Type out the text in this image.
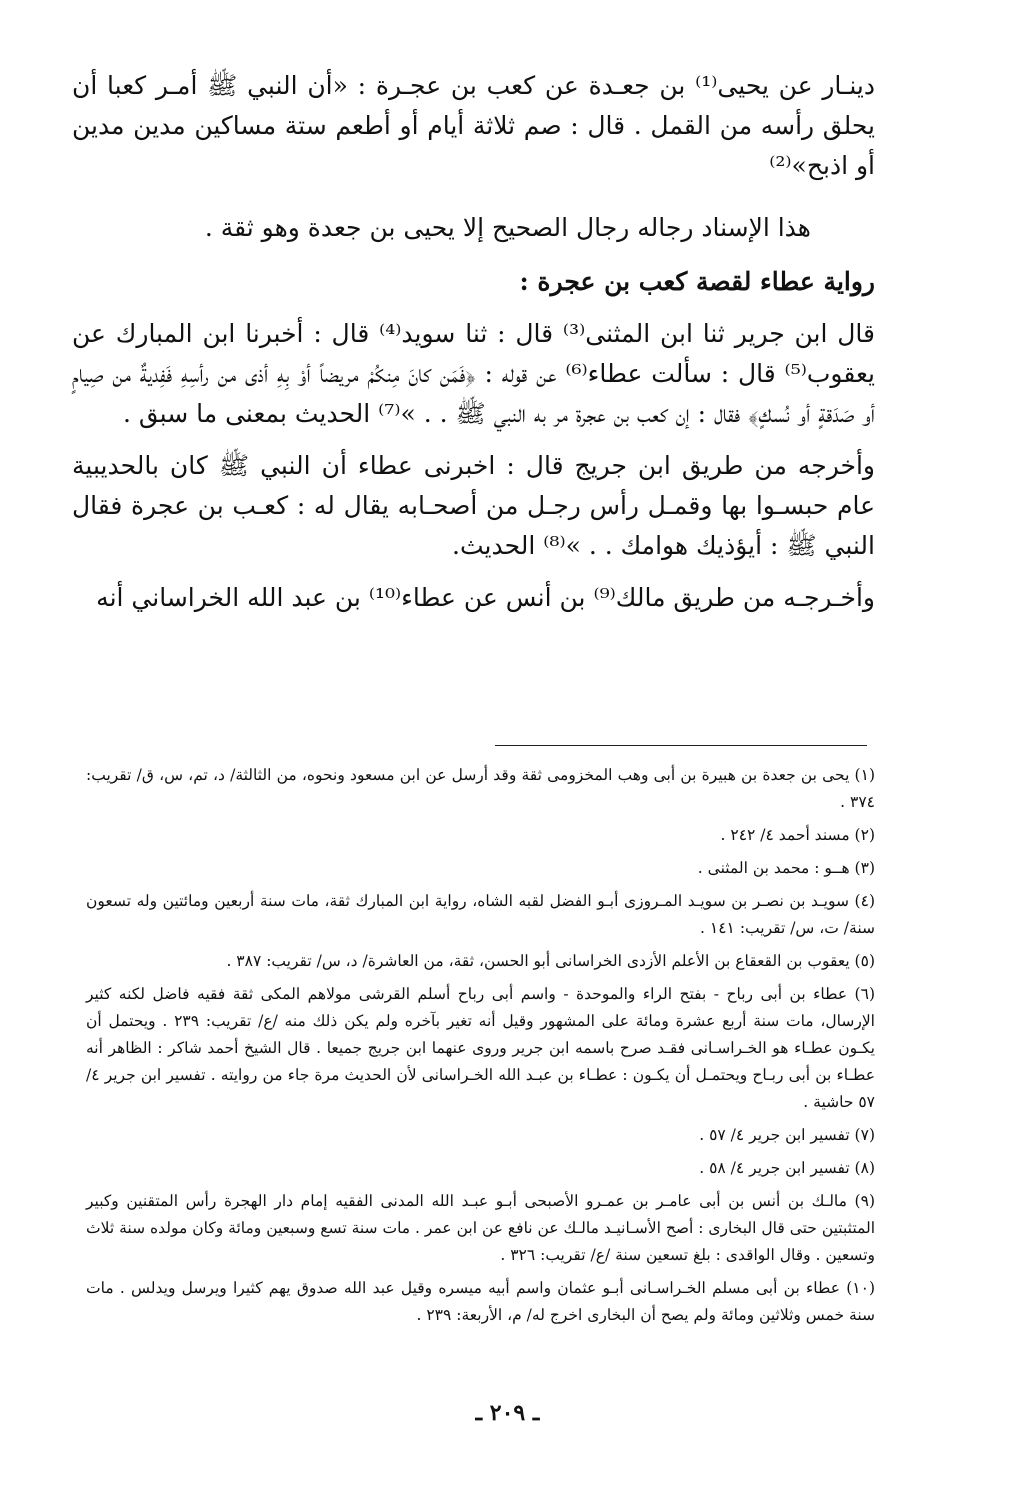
دينـار عن يحيى⁽¹⁾ بن جعـدة عن كعب بن عجـرة : «أن النبي ﷺ أمـر كعبا أن يحلق رأسه من القمل . قال : صم ثلاثة أيام أو أطعم ستة مساكين مدين مدين أو اذبح»⁽²⁾

هذا الإسناد رجاله رجال الصحيح إلا يحيى بن جعدة وهو ثقة .

رواية عطاء لقصة كعب بن عجرة :

قال ابن جرير ثنا ابن المثنى⁽³⁾ قال : ثنا سويد⁽⁴⁾ قال : أخبرنا ابن المبارك عن يعقوب⁽⁵⁾ قال : سألت عطاء⁽⁶⁾ عن قوله : ﴿فَمَن كانَ مِنكُمْ مريضاً أوْ بِهِ أذى من رأسِهِ فَفِديةٌ من صِيامٍ أو صَدَقةٍ أو نُسكٍ﴾ فقال : إن كعب بن عجرة مر به النبي ﷺ . . »⁽⁷⁾ الحديث بمعنى ما سبق .

وأخرجه من طريق ابن جريج قال : اخبرنى عطاء أن النبي ﷺ كان بالحديبية عام حبسـوا بها وقمـل رأس رجـل من أصحـابه يقال له : كعـب بن عجرة فقال النبي ﷺ : أيؤذيك هوامك . . »⁽⁸⁾ الحديث.

وأخـرجـه من طريق مالك⁽⁹⁾ بن أنس عن عطاء⁽¹⁰⁾ بن عبد الله الخراساني أنه

(١) يحى بن جعدة بن هبيرة بن أبى وهب المخزومى ثقة وقد أرسل عن ابن مسعود ونحوه، من الثالثة/ د، تم، س، ق/ تقريب: ٣٧٤ .

(٢) مسند أحمد ٤/ ٢٤٢ .

(٣) هــو : محمد بن المثنى .

(٤) سويـد بن نصـر بن سويـد المـروزى أبـو الفضل لقبه الشاه، رواية ابن المبارك ثقة، مات سنة أربعين ومائتين وله تسعون سنة/ ت، س/ تقريب: ١٤١ .

(٥) يعقوب بن القعقاع بن الأعلم الأزدى الخراسانى أبو الحسن، ثقة، من العاشرة/ د، س/ تقريب: ٣٨٧ .

(٦) عطاء بن أبى رباح - بفتح الراء والموحدة - واسم أبى رباح أسلم القرشى مولاهم المكى ثقة فقيه فاضل لكنه كثير الإرسال، مات سنة أربع عشرة ومائة على المشهور وقيل أنه تغير بآخره ولم يكن ذلك منه /ع/ تقريب: ٢٣٩ . ويحتمل أن يكـون عطـاء هو الخـراسـانى فقـد صرح باسمه ابن جرير وروى عنهما ابن جريج جميعا . قال الشيخ أحمد شاكر : الظاهر أنه عطـاء بن أبى ربـاح ويحتمـل أن يكـون : عطـاء بن عبـد الله الخـراسانى لأن الحديث مرة جاء من روايته . تفسير ابن جرير ٤/ ٥٧ حاشية .

(٧) تفسير ابن جرير ٤/ ٥٧ .

(٨) تفسير ابن جرير ٤/ ٥٨ .

(٩) مالـك بن أنس بن أبى عامـر بن عمـرو الأصبحى أبـو عبـد الله المدنى الفقيه إمام دار الهجرة رأس المتقنين وكبير المتثبتين حتى قال البخارى : أصح الأسـانيـد مالـك عن نافع عن ابن عمر . مات سنة تسع وسبعين ومائة وكان مولده سنة ثلاث وتسعين . وقال الواقدى : بلغ تسعين سنة /ع/ تقريب: ٣٢٦ .

(١٠) عطاء بن أبى مسلم الخـراسـانى أبـو عثمان واسم أبيه ميسره وقيل عبد الله صدوق يهم كثيرا ويرسل ويدلس . مات سنة خمس وثلاثين ومائة ولم يصح أن البخارى اخرج له/ م، الأربعة: ٢٣٩ .

ـ ٢٠٩ ـ
